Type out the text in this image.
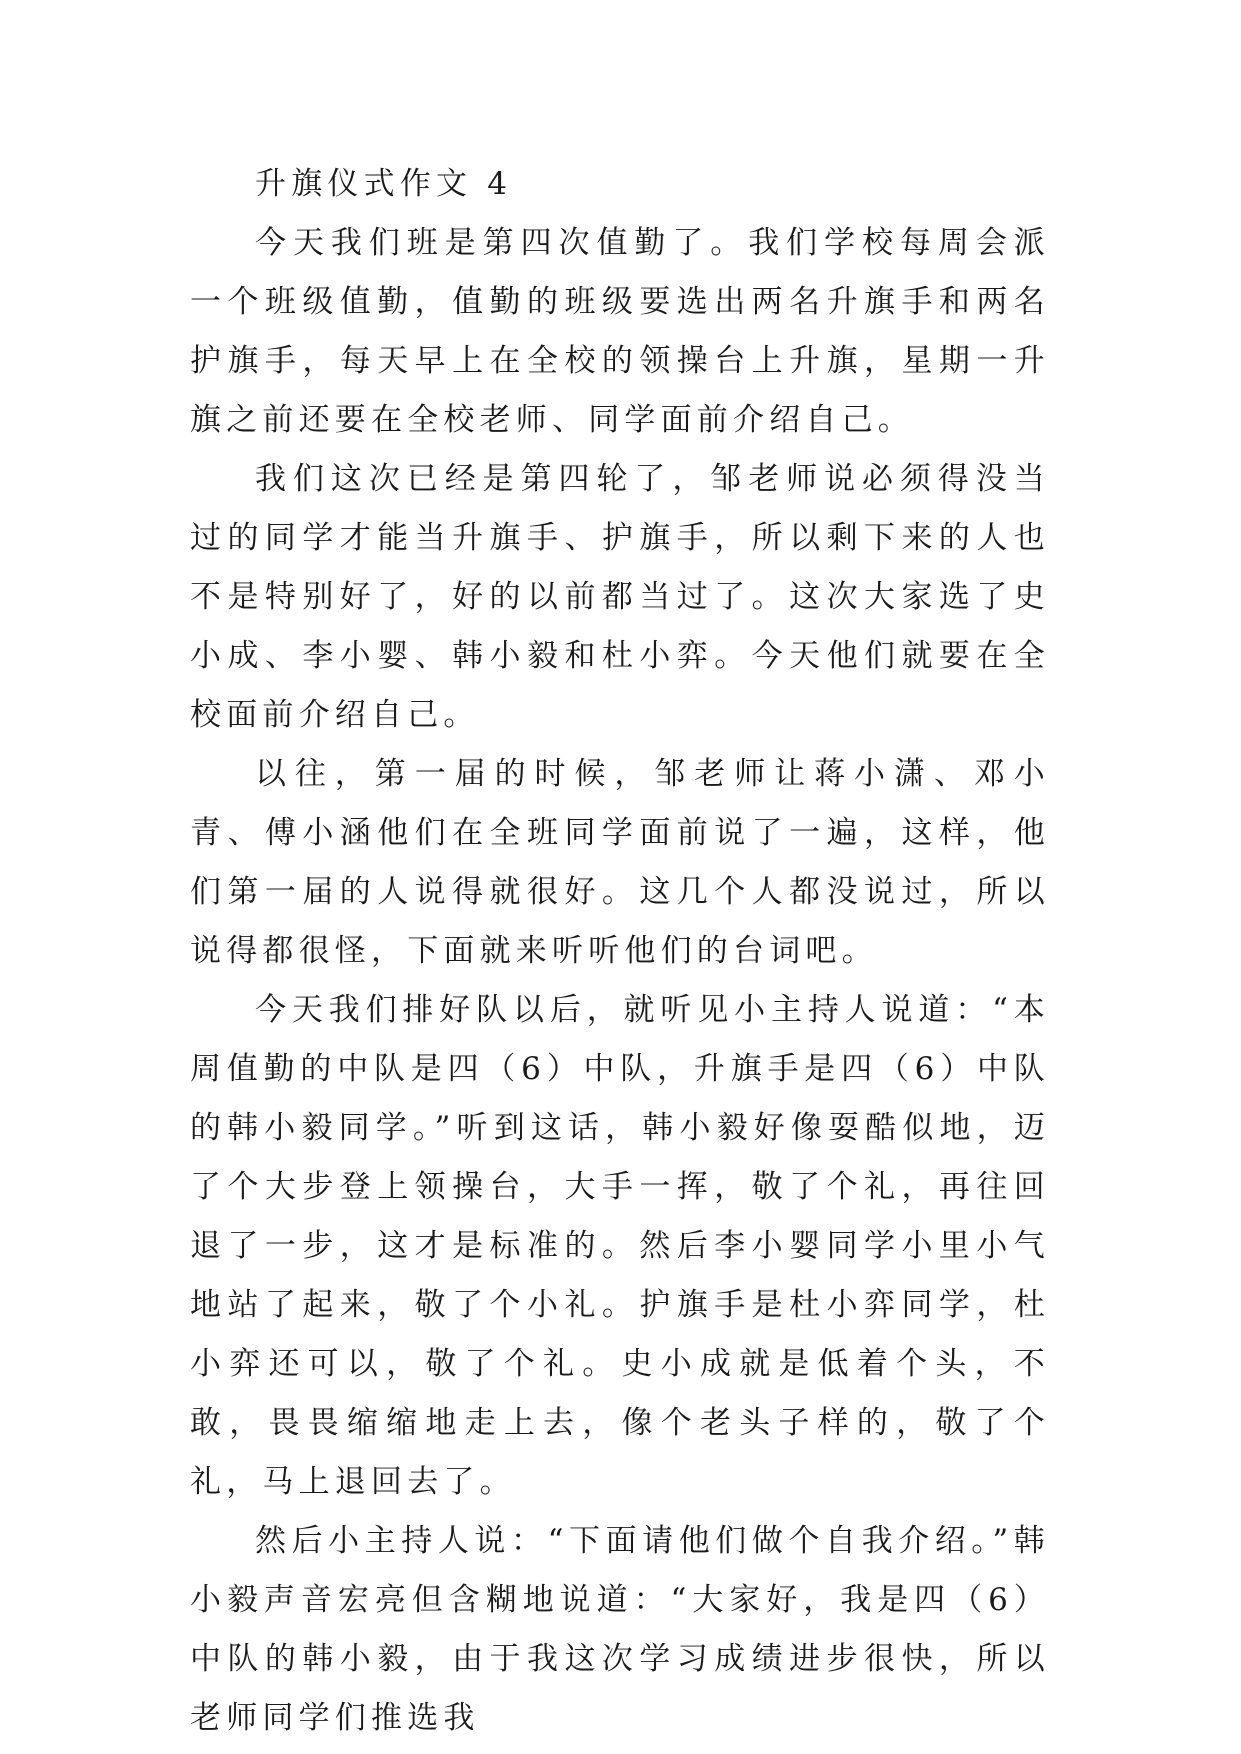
升旗仪式作文 4

今天我们班是第四次值勤了。我们学校每周会派一个班级值勤，值勤的班级要选出两名升旗手和两名护旗手，每天早上在全校的领操台上升旗，星期一升旗之前还要在全校老师、同学面前介绍自己。

我们这次已经是第四轮了，邹老师说必须得没当过的同学才能当升旗手、护旗手，所以剩下来的人也不是特别好了，好的以前都当过了。这次大家选了史小成、李小婴、韩小毅和杜小弈。今天他们就要在全校面前介绍自己。

以往，第一届的时候，邹老师让蒋小潇、邓小青、傅小涵他们在全班同学面前说了一遍，这样，他们第一届的人说得就很好。这几个人都没说过，所以说得都很怪，下面就来听听他们的台词吧。

今天我们排好队以后，就听见小主持人说道：“本周值勤的中队是四（6）中队，升旗手是四（6）中队的韩小毅同学。”听到这话，韩小毅好像耍酷似地，迈了个大步登上领操台，大手一挥，敬了个礼，再往回退了一步，这才是标准的。然后李小婴同学小里小气地站了起来，敬了个小礼。护旗手是杜小弈同学，杜小弈还可以，敬了个礼。史小成就是低着个头，不敢，畏畏缩缩地走上去，像个老头子样的，敬了个礼，马上退回去了。

然后小主持人说：“下面请他们做个自我介绍。”韩小毅声音宏亮但含糊地说道：“大家好，我是四（6）中队的韩小毅，由于我这次学习成绩进步很快，所以老师同学们推选我
